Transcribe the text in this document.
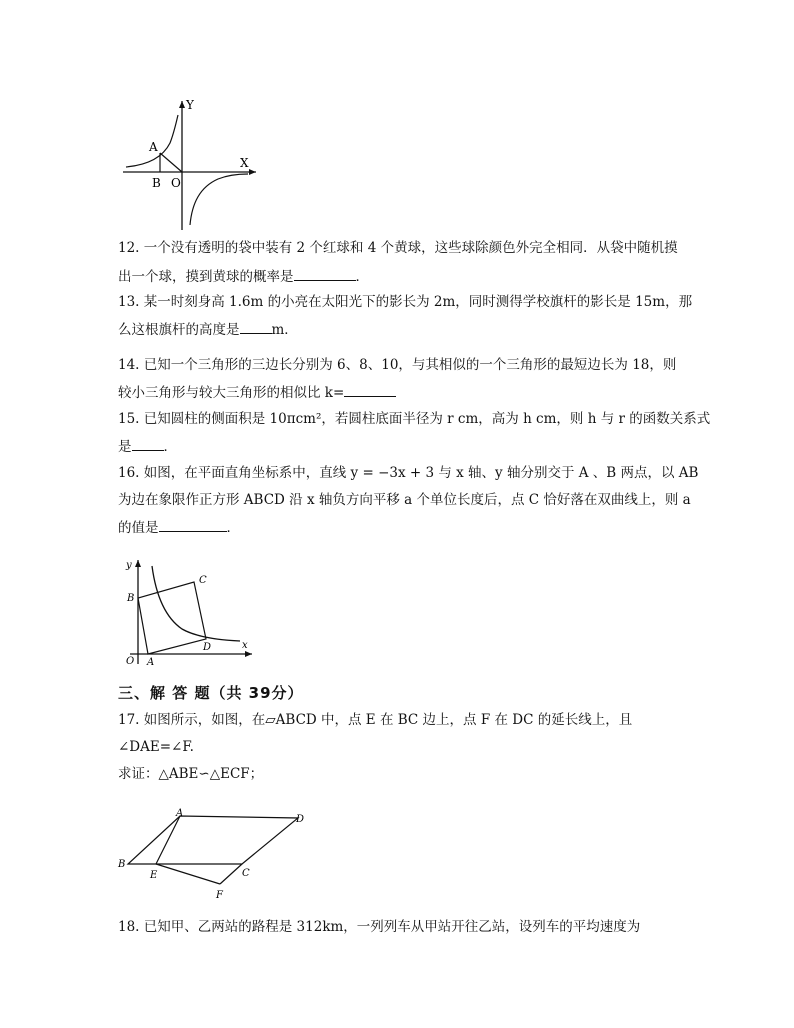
Y
X
A
B O
12. 一个没有透明的袋中装有 2 个红球和 4 个黄球，这些球除颜色外完全相同．从袋中随机摸
出一个球，摸到黄球的概率是	．
13. 某一时刻身高 1.6m 的小亮在太阳光下的影长为 2m，同时测得学校旗杆的影长是 15m，那
么这根旗杆的高度是 m．
14. 已知一个三角形的三边长分别为 6、8、10，与其相似的一个三角形的最短边长为 18，则
较小三角形与较大三角形的相似比 k=
15. 已知圆柱的侧面积是 10πcm²，若圆柱底面半径为 r cm，高为 h cm，则 h 与 r 的函数关系式
是 ．
16. 如图，在平面直角坐标系中，直线 y = −3x + 3 与 x 轴、y 轴分别交于 A 、B 两点，以 AB
为边在象限作正方形 ABCD 沿 x 轴负方向平移 a 个单位长度后，点 C 恰好落在双曲线上，则 a
的值是	．
y
x
O A
B
C
D
三、解 答 题（共 39分）
17. 如图所示，如图，在▱ABCD 中，点 E 在 BC 边上，点 F 在 DC 的延长线上，且
∠DAE=∠F.
求证：△ABE∽△ECF；
A
D
B
E	C
F
18. 已知甲、乙两站的路程是 312km，一列列车从甲站开往乙站，设列车的平均速度为
